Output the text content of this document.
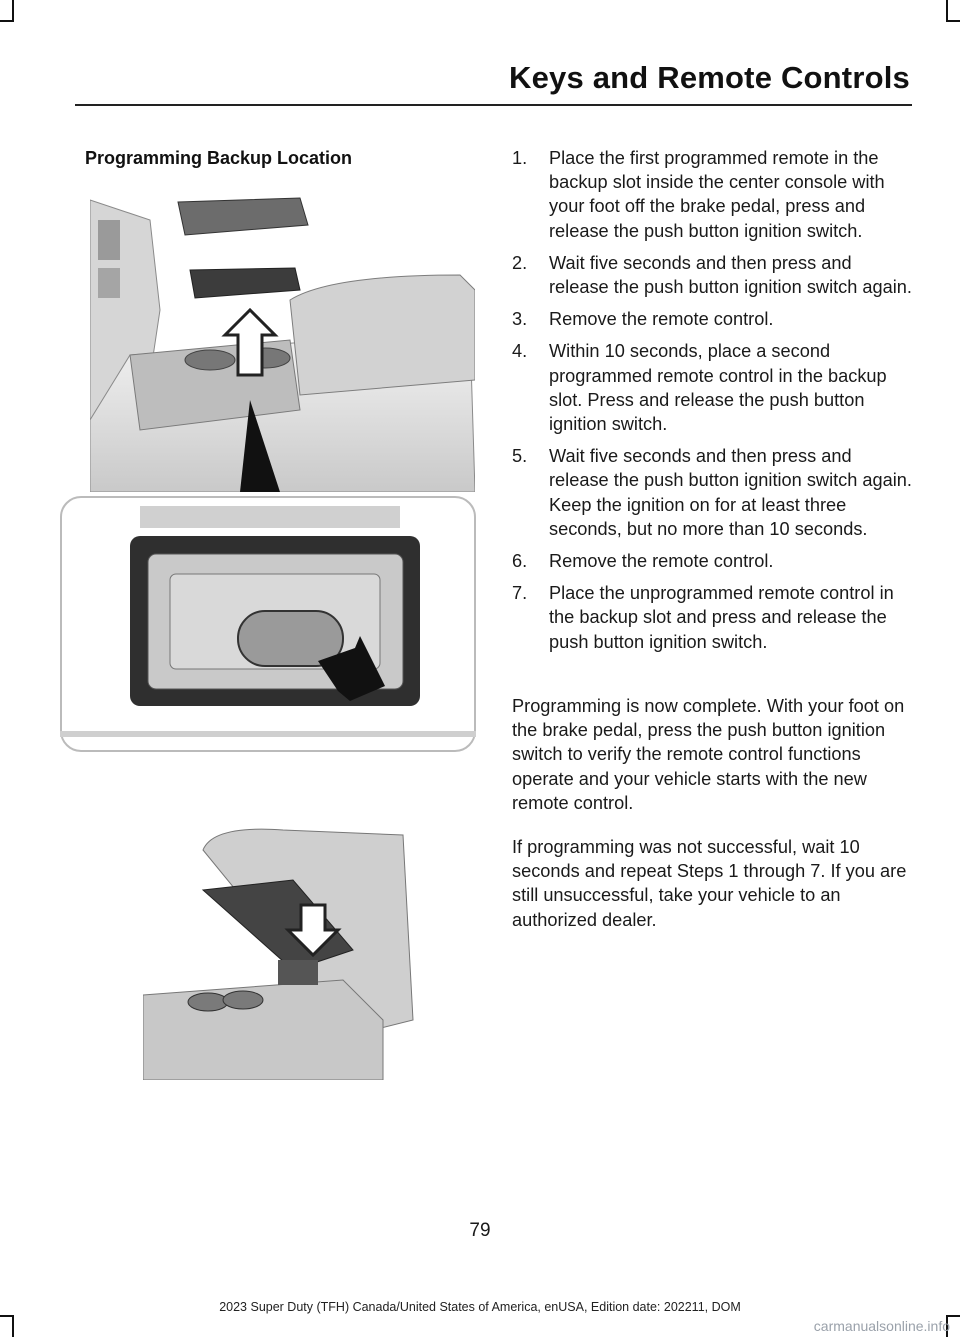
Keys and Remote Controls
Programming Backup Location	1. Place the first programmed remote in the backup slot inside the center console with your foot off the brake pedal, press and release the push button ignition switch.
2. Wait five seconds and then press and release the push button ignition switch again.
3. Remove the remote control.
4. Within 10 seconds, place a second programmed remote control in the backup slot. Press and release the push button ignition switch.
5. Wait five seconds and then press and release the push button ignition switch again. Keep the ignition on for at least three seconds, but no more than 10 seconds.
6. Remove the remote control.
7. Place the unprogrammed remote control in the backup slot and press and release the push button ignition switch.

Programming is now complete. With your foot on the brake pedal, press the push button ignition switch to verify the remote control functions operate and your vehicle starts with the new remote control.

If programming was not successful, wait 10 seconds and repeat Steps 1 through 7. If you are still unsuccessful, take your vehicle to an authorized dealer.

79
2023 Super Duty (TFH) Canada/United States of America, enUSA, Edition date: 202211, DOM
carmanualsonline.info
